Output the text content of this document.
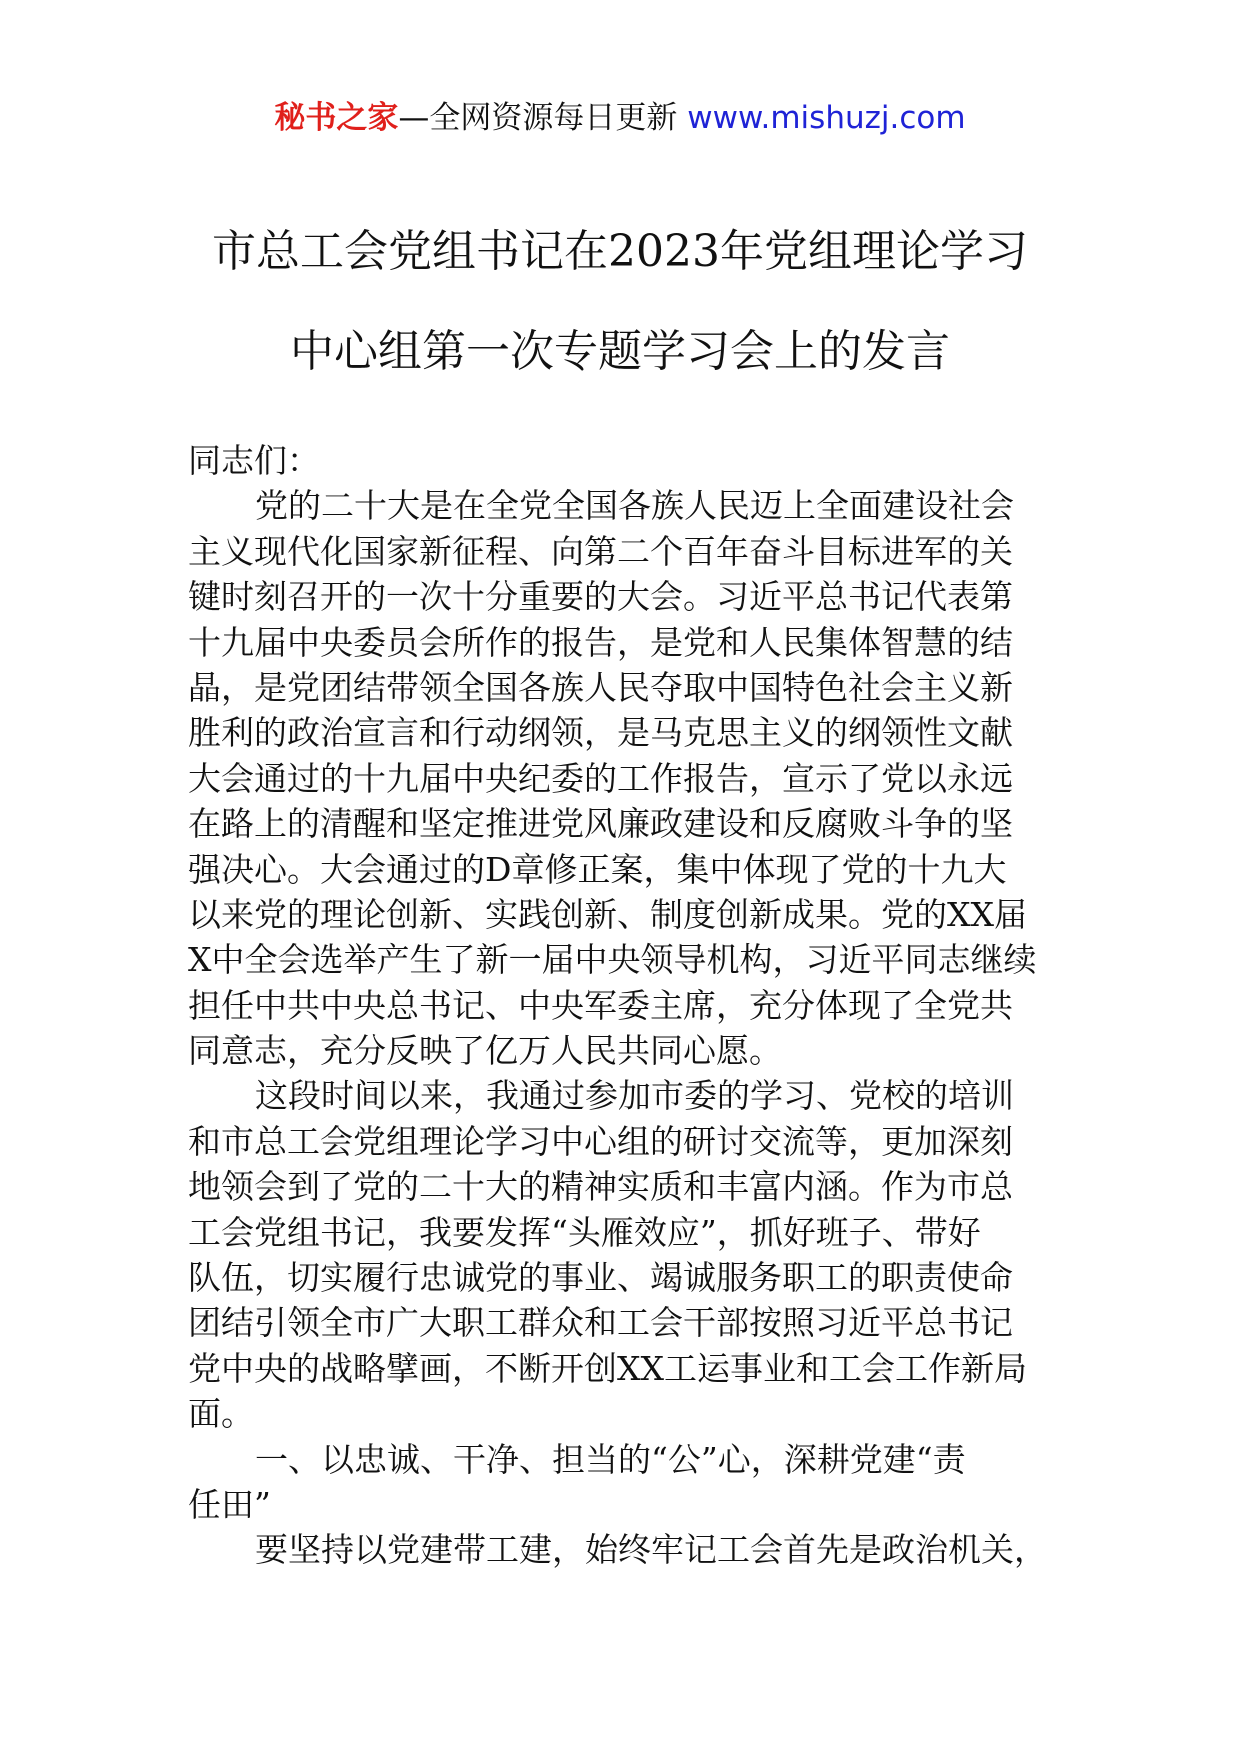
秘书之家—全网资源每日更新 www.mishuzj.com
市总工会党组书记在2023年党组理论学习
中心组第一次专题学习会上的发言
同志们：
党的二十大是在全党全国各族人民迈上全面建设社会
主义现代化国家新征程、向第二个百年奋斗目标进军的关
键时刻召开的一次十分重要的大会。习近平总书记代表第
十九届中央委员会所作的报告，是党和人民集体智慧的结
晶，是党团结带领全国各族人民夺取中国特色社会主义新
胜利的政治宣言和行动纲领，是马克思主义的纲领性文献
大会通过的十九届中央纪委的工作报告，宣示了党以永远
在路上的清醒和坚定推进党风廉政建设和反腐败斗争的坚
强决心。大会通过的D章修正案，集中体现了党的十九大
以来党的理论创新、实践创新、制度创新成果。党的XX届
X中全会选举产生了新一届中央领导机构，习近平同志继续
担任中共中央总书记、中央军委主席，充分体现了全党共
同意志，充分反映了亿万人民共同心愿。
这段时间以来，我通过参加市委的学习、党校的培训
和市总工会党组理论学习中心组的研讨交流等，更加深刻
地领会到了党的二十大的精神实质和丰富内涵。作为市总
工会党组书记，我要发挥“头雁效应”，抓好班子、带好
队伍，切实履行忠诚党的事业、竭诚服务职工的职责使命
团结引领全市广大职工群众和工会干部按照习近平总书记
党中央的战略擘画，不断开创XX工运事业和工会工作新局
面。
一、以忠诚、干净、担当的“公”心，深耕党建“责
任田”
要坚持以党建带工建，始终牢记工会首先是政治机关，
